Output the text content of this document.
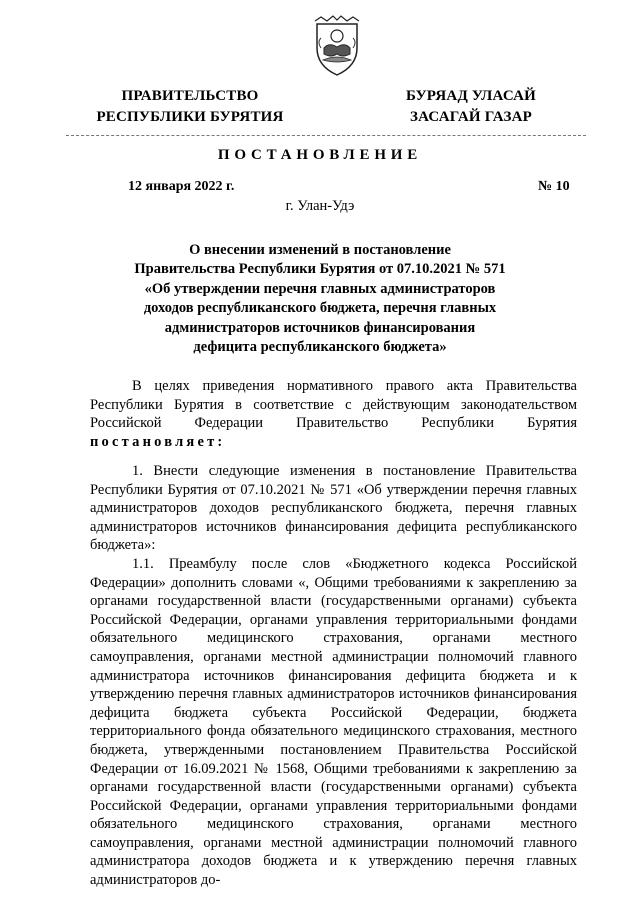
ПРАВИТЕЛЬСТВО
РЕСПУБЛИКИ БУРЯТИЯ
БУРЯАД УЛАСАЙ
ЗАСАГАЙ ГАЗАР
ПОСТАНОВЛЕНИЕ
12 января 2022 г.	№ 10
г. Улан-Удэ
О внесении изменений в постановление
Правительства Республики Бурятия от 07.10.2021 № 571
«Об утверждении перечня главных администраторов
доходов республиканского бюджета, перечня главных
администраторов источников финансирования
дефицита республиканского бюджета»

В целях приведения нормативного правого акта Правительства Республики Бурятия в соответствие с действующим законодательством Российской Федерации Правительство Республики Бурятия постановляет:

1. Внести следующие изменения в постановление Правительства Республики Бурятия от 07.10.2021 № 571 «Об утверждении перечня главных администраторов доходов республиканского бюджета, перечня главных администраторов источников финансирования дефицита республиканского бюджета»:

1.1. Преамбулу после слов «Бюджетного кодекса Российской Федерации» дополнить словами «, Общими требованиями к закреплению за органами государственной власти (государственными органами) субъекта Российской Федерации, органами управления территориальными фондами обязательного медицинского страхования, органами местного самоуправления, органами местной администрации полномочий главного администратора источников финансирования дефицита бюджета и к утверждению перечня главных администраторов источников финансирования дефицита бюджета субъекта Российской Федерации, бюджета территориального фонда обязательного медицинского страхования, местного бюджета, утвержденными постановлением Правительства Российской Федерации от 16.09.2021 № 1568, Общими требованиями к закреплению за органами государственной власти (государственными органами) субъекта Российской Федерации, органами управления территориальными фондами обязательного медицинского страхования, органами местного самоуправления, органами местной администрации полномочий главного администратора доходов бюджета и к утверждению перечня главных администраторов до-
